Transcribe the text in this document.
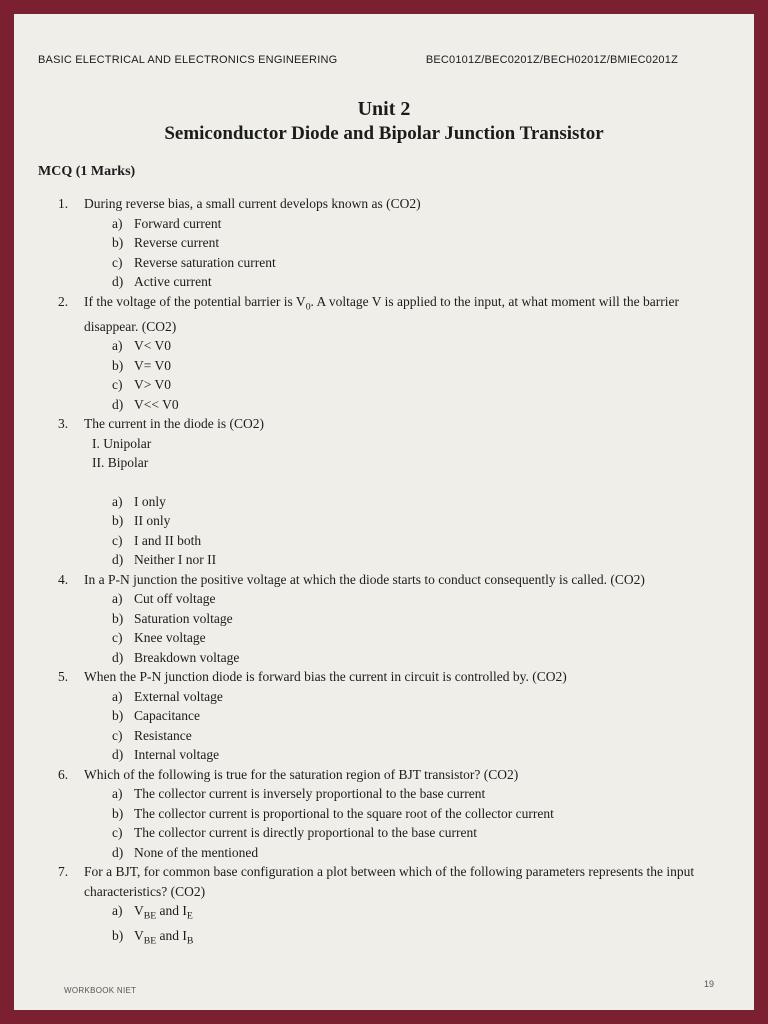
BASIC ELECTRICAL AND ELECTRONICS ENGINEERING	BEC0101Z/BEC0201Z/BECH0201Z/BMIEC0201Z
Unit 2
Semiconductor Diode and Bipolar Junction Transistor
MCQ (1 Marks)
1.	During reverse bias, a small current develops known as (CO2)
a) Forward current
b) Reverse current
c) Reverse saturation current
d) Active current
2.	If the voltage of the potential barrier is $V_0$. A voltage V is applied to the input, at what moment will the barrier disappear. (CO2)
a) V< V0
b) V= V0
c) V> V0
d) V<< V0
3.	The current in the diode is (CO2)
I. Unipolar
II. Bipolar
a) I only
b) II only
c) I and II both
d) Neither I nor II
4.	In a P-N junction the positive voltage at which the diode starts to conduct consequently is called. (CO2)
a) Cut off voltage
b) Saturation voltage
c) Knee voltage
d) Breakdown voltage
5.	When the P-N junction diode is forward bias the current in circuit is controlled by. (CO2)
a) External voltage
b) Capacitance
c) Resistance
d) Internal voltage
6.	Which of the following is true for the saturation region of BJT transistor? (CO2)
a) The collector current is inversely proportional to the base current
b) The collector current is proportional to the square root of the collector current
c) The collector current is directly proportional to the base current
d) None of the mentioned
7.	For a BJT, for common base configuration a plot between which of the following parameters represents the input characteristics? (CO2)
a) $V_{BE}$ and $I_E$
b) $V_{BE}$ and $I_B$
WORKBOOK NIET
19
